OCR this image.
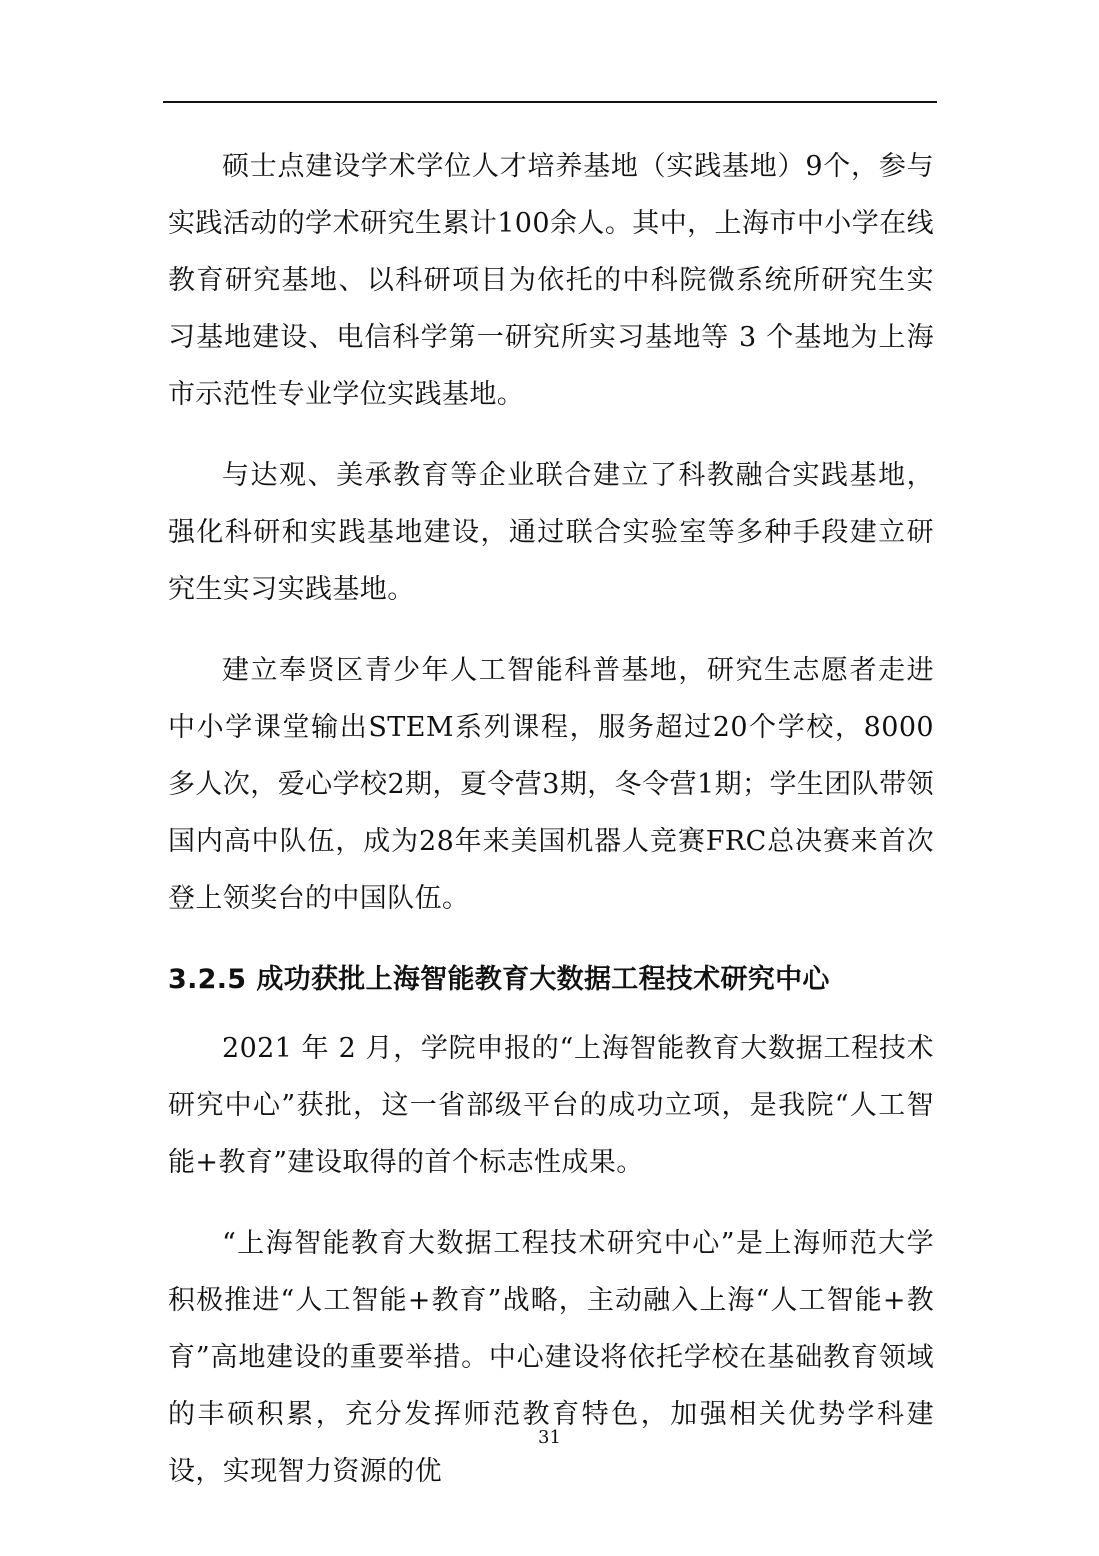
硕士点建设学术学位人才培养基地（实践基地）9个，参与实践活动的学术研究生累计100余人。其中，上海市中小学在线教育研究基地、以科研项目为依托的中科院微系统所研究生实习基地建设、电信科学第一研究所实习基地等 3 个基地为上海市示范性专业学位实践基地。

与达观、美承教育等企业联合建立了科教融合实践基地，强化科研和实践基地建设，通过联合实验室等多种手段建立研究生实习实践基地。

建立奉贤区青少年人工智能科普基地，研究生志愿者走进中小学课堂输出STEM系列课程，服务超过20个学校，8000多人次，爱心学校2期，夏令营3期，冬令营1期；学生团队带领国内高中队伍，成为28年来美国机器人竞赛FRC总决赛来首次登上领奖台的中国队伍。

3.2.5 成功获批上海智能教育大数据工程技术研究中心

2021 年 2 月，学院申报的“上海智能教育大数据工程技术研究中心”获批，这一省部级平台的成功立项，是我院“人工智能+教育”建设取得的首个标志性成果。

“上海智能教育大数据工程技术研究中心”是上海师范大学积极推进“人工智能+教育”战略，主动融入上海“人工智能+教育”高地建设的重要举措。中心建设将依托学校在基础教育领域的丰硕积累，充分发挥师范教育特色，加强相关优势学科建设，实现智力资源的优

31
